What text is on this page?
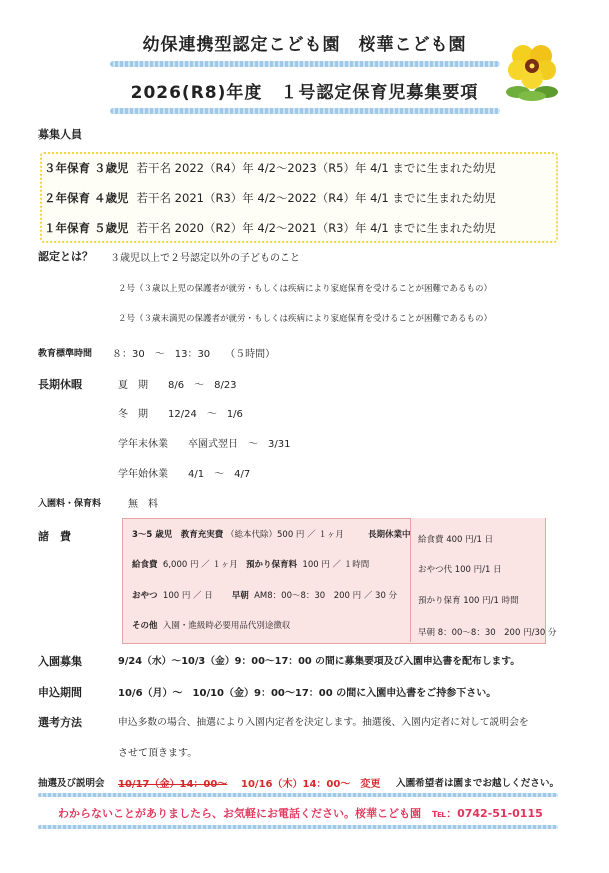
幼保連携型認定こども園　桜華こども園
2026(R8)年度　１号認定保育児募集要項
募集人員
３年保育 ３歳児 若干名 2022（R4）年 4/2～2023（R5）年 4/1 までに生まれた幼児
２年保育 ４歳児 若干名 2021（R3）年 4/2～2022（R4）年 4/1 までに生まれた幼児
１年保育 ５歳児 若干名 2020（R2）年 4/2～2021（R3）年 4/1 までに生まれた幼児
認定とは？ ３歳児以上で２号認定以外の子どものこと
２号（３歳以上児の保護者が就労・もしくは疾病により家庭保育を受けることが困難であるもの）
２号（３歳未満児の保護者が就労・もしくは疾病により家庭保育を受けることが困難であるもの）
教育標準時間 ８：30　～　13：30　　（５時間）
長期休暇	夏　期　　8/6　～　8/23
冬　期　　12/24　～　1/6
学年末休業　　卒園式翌日　～　3/31
学年始休業　　4/1　～　4/7
入園料・保育料	無　料
諸　費	3～5 歳児　教育充実費 （総本代除）500 円 ／ １ヶ月	長期休業中
給食費 6,000 円 ／ １ヶ月 預かり保育料 100 円 ／ １時間
おやつ 100 円 ／ 日 早朝 AM8：00～8：30　200 円 ／ 30 分
その他 入園・進級時必要用品代別途徴収
給食費 400 円/1 日
おやつ代 100 円/1 日
預かり保育 100 円/1 時間
早朝 8：00～8：30　200 円/30 分
入園募集	9/24（水）～10/3（金）9：00～17：00 の間に募集要項及び入園申込書を配布します。
申込期間	10/6（月）～　10/10（金）9：00～17：00 の間に入園申込書をご持参下さい。
選考方法	申込多数の場合、抽選により入園内定者を決定します。抽選後、入園内定者に対して説明会を
させて頂きます。
抽選及び説明会 10/17（金）14：00～ 10/16（木）14：00～　変更 入園希望者は園までお越しください。
わからないことがありましたら、お気軽にお電話ください。桜華こども園　℡：0742-51-0115
